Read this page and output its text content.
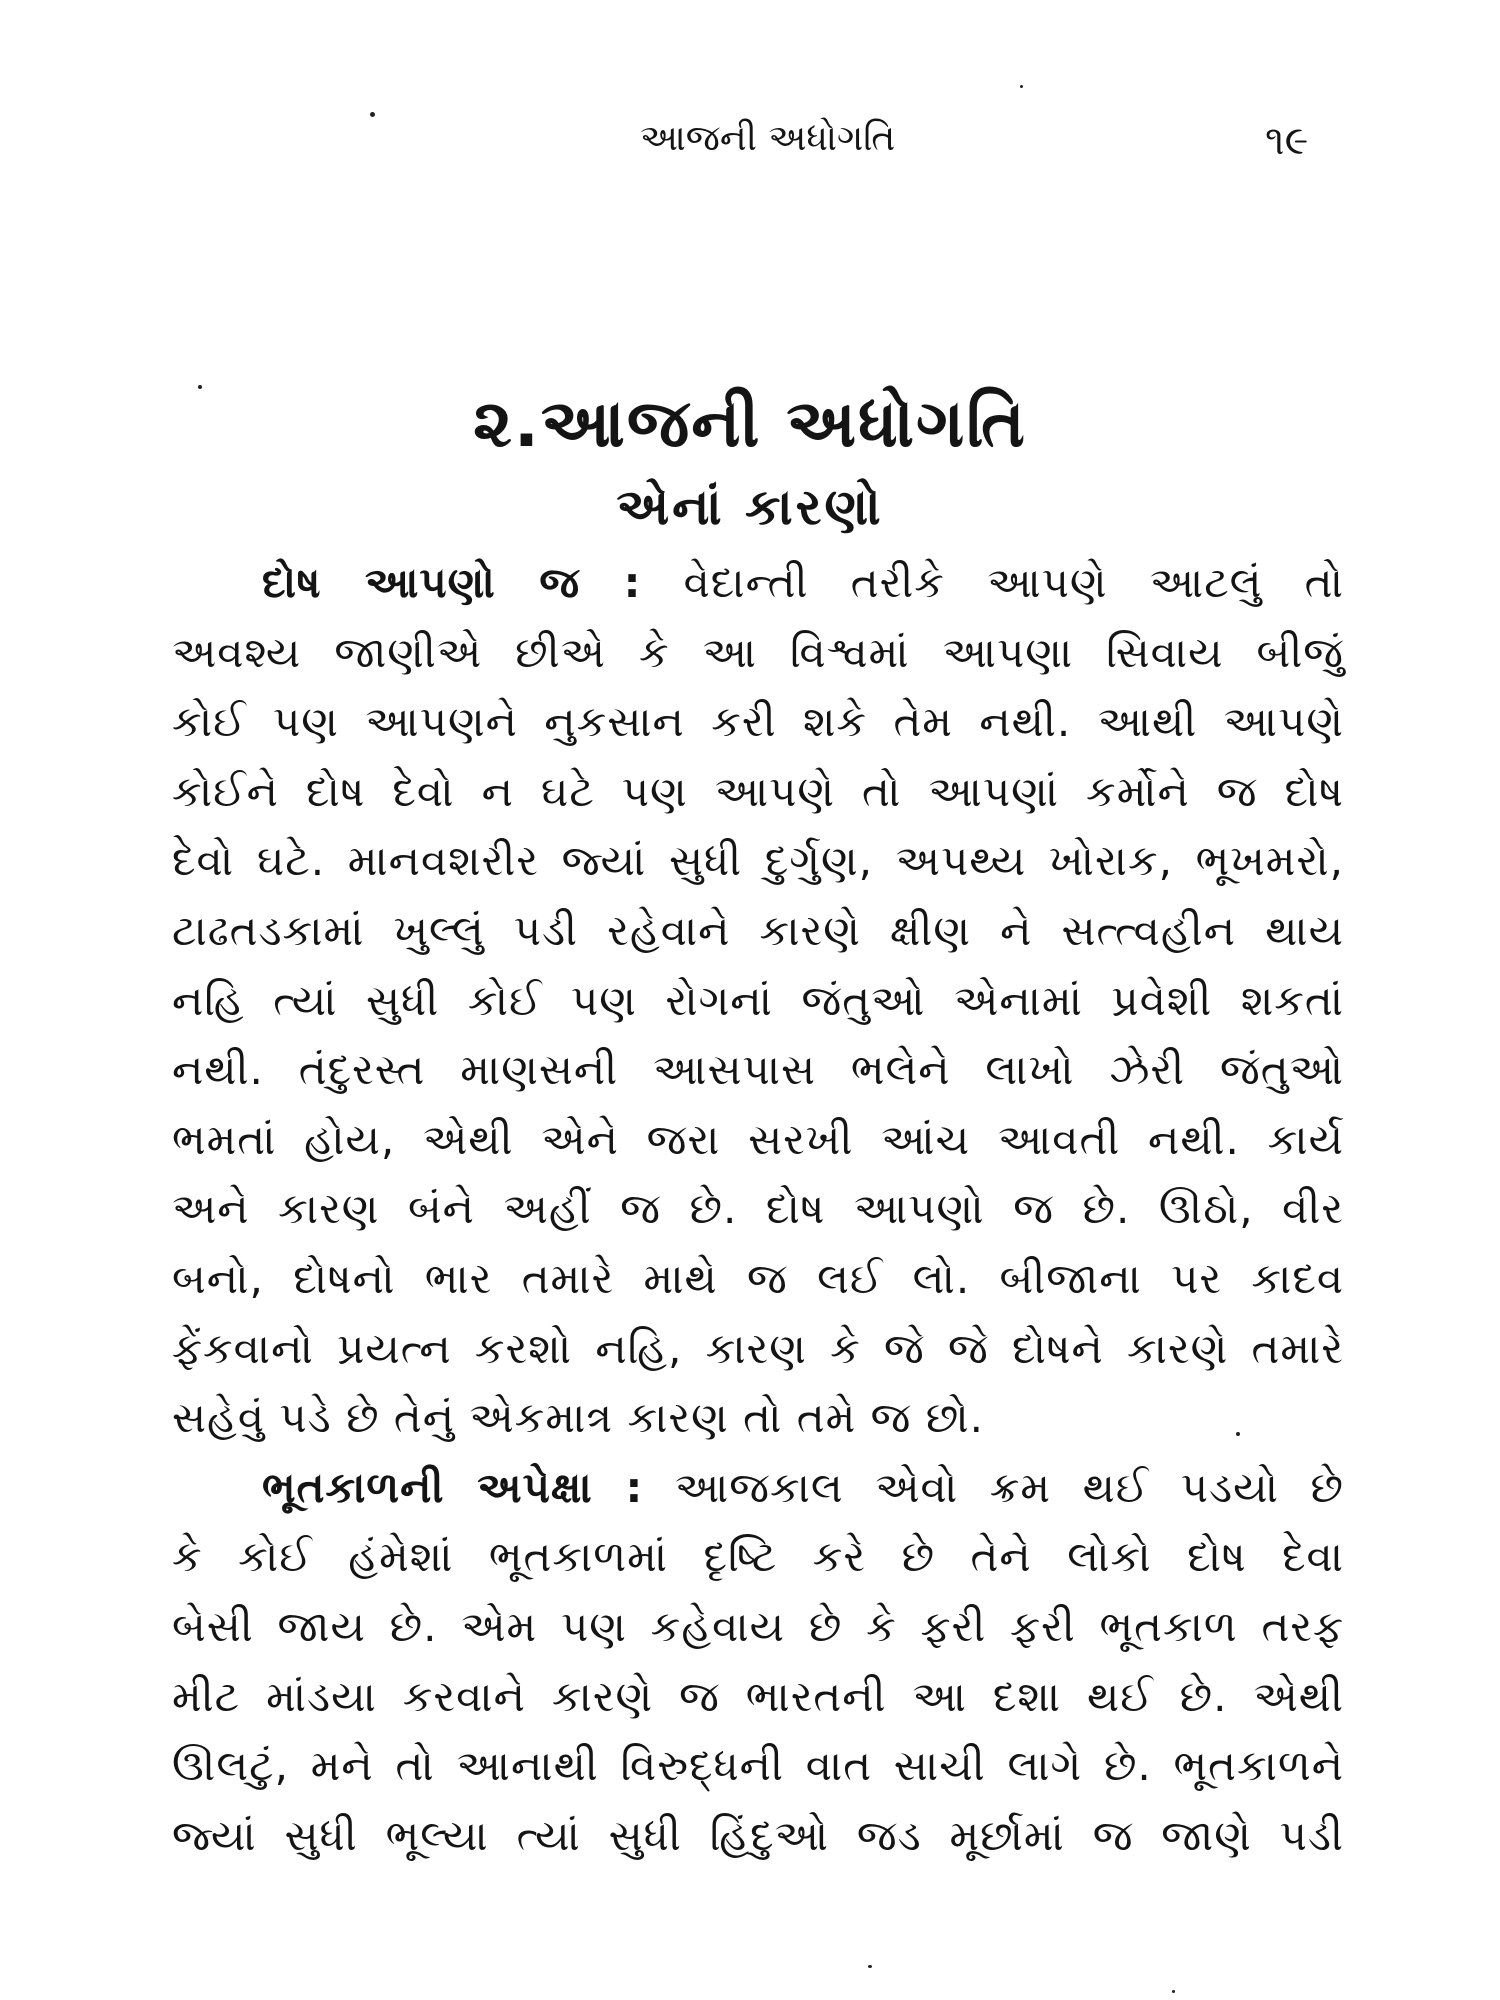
આજની અધોગતિ	૧૯
૨.આજની અધોગતિ
એનાં કારણો
દોષ આપણો જ : વેદાન્તી તરીકે આપણે આટલું તો
અવશ્ય જાણીએ છીએ કે આ વિશ્વમાં આપણા સિવાય બીજું
કોઈ પણ આપણને નુકસાન કરી શકે તેમ નથી. આથી આપણે
કોઈને દોષ દેવો ન ઘટે પણ આપણે તો આપણાં કર્મોને જ દોષ
દેવો ઘટે. માનવશરીર જ્યાં સુધી દુર્ગુણ, અપથ્ય ખોરાક, ભૂખમરો,
ટાઢતડકામાં ખુલ્લું પડી રહેવાને કારણે ક્ષીણ ને સત્ત્વહીન થાય
નહિ ત્યાં સુધી કોઈ પણ રોગનાં જંતુઓ એનામાં પ્રવેશી શકતાં
નથી. તંદુરસ્ત માણસની આસપાસ ભલેને લાખો ઝેરી જંતુઓ
ભમતાં હોય, એથી એને જરા સરખી આંચ આવતી નથી. કાર્ય
અને કારણ બંને અહીં જ છે. દોષ આપણો જ છે. ઊઠો, વીર
બનો, દોષનો ભાર તમારે માથે જ લઈ લો. બીજાના પર કાદવ
ફેંકવાનો પ્રયત્ન કરશો નહિ, કારણ કે જે જે દોષને કારણે તમારે
સહેવું પડે છે તેનું એકમાત્ર કારણ તો તમે જ છો.
ભૂતકાળની અપેક્ષા : આજકાલ એવો ક્રમ થઈ પડયો છે
કે કોઈ હંમેશાં ભૂતકાળમાં દૃષ્ટિ કરે છે તેને લોકો દોષ દેવા
બેસી જાય છે. એમ પણ કહેવાય છે કે ફરી ફરી ભૂતકાળ તરફ
મીટ માંડયા કરવાને કારણે જ ભારતની આ દશા થઈ છે. એથી
ઊલટું, મને તો આનાથી વિરુદ્ધની વાત સાચી લાગે છે. ભૂતકાળને
જ્યાં સુધી ભૂલ્યા ત્યાં સુધી હિંદુઓ જડ મૂર્છામાં જ જાણે પડી
